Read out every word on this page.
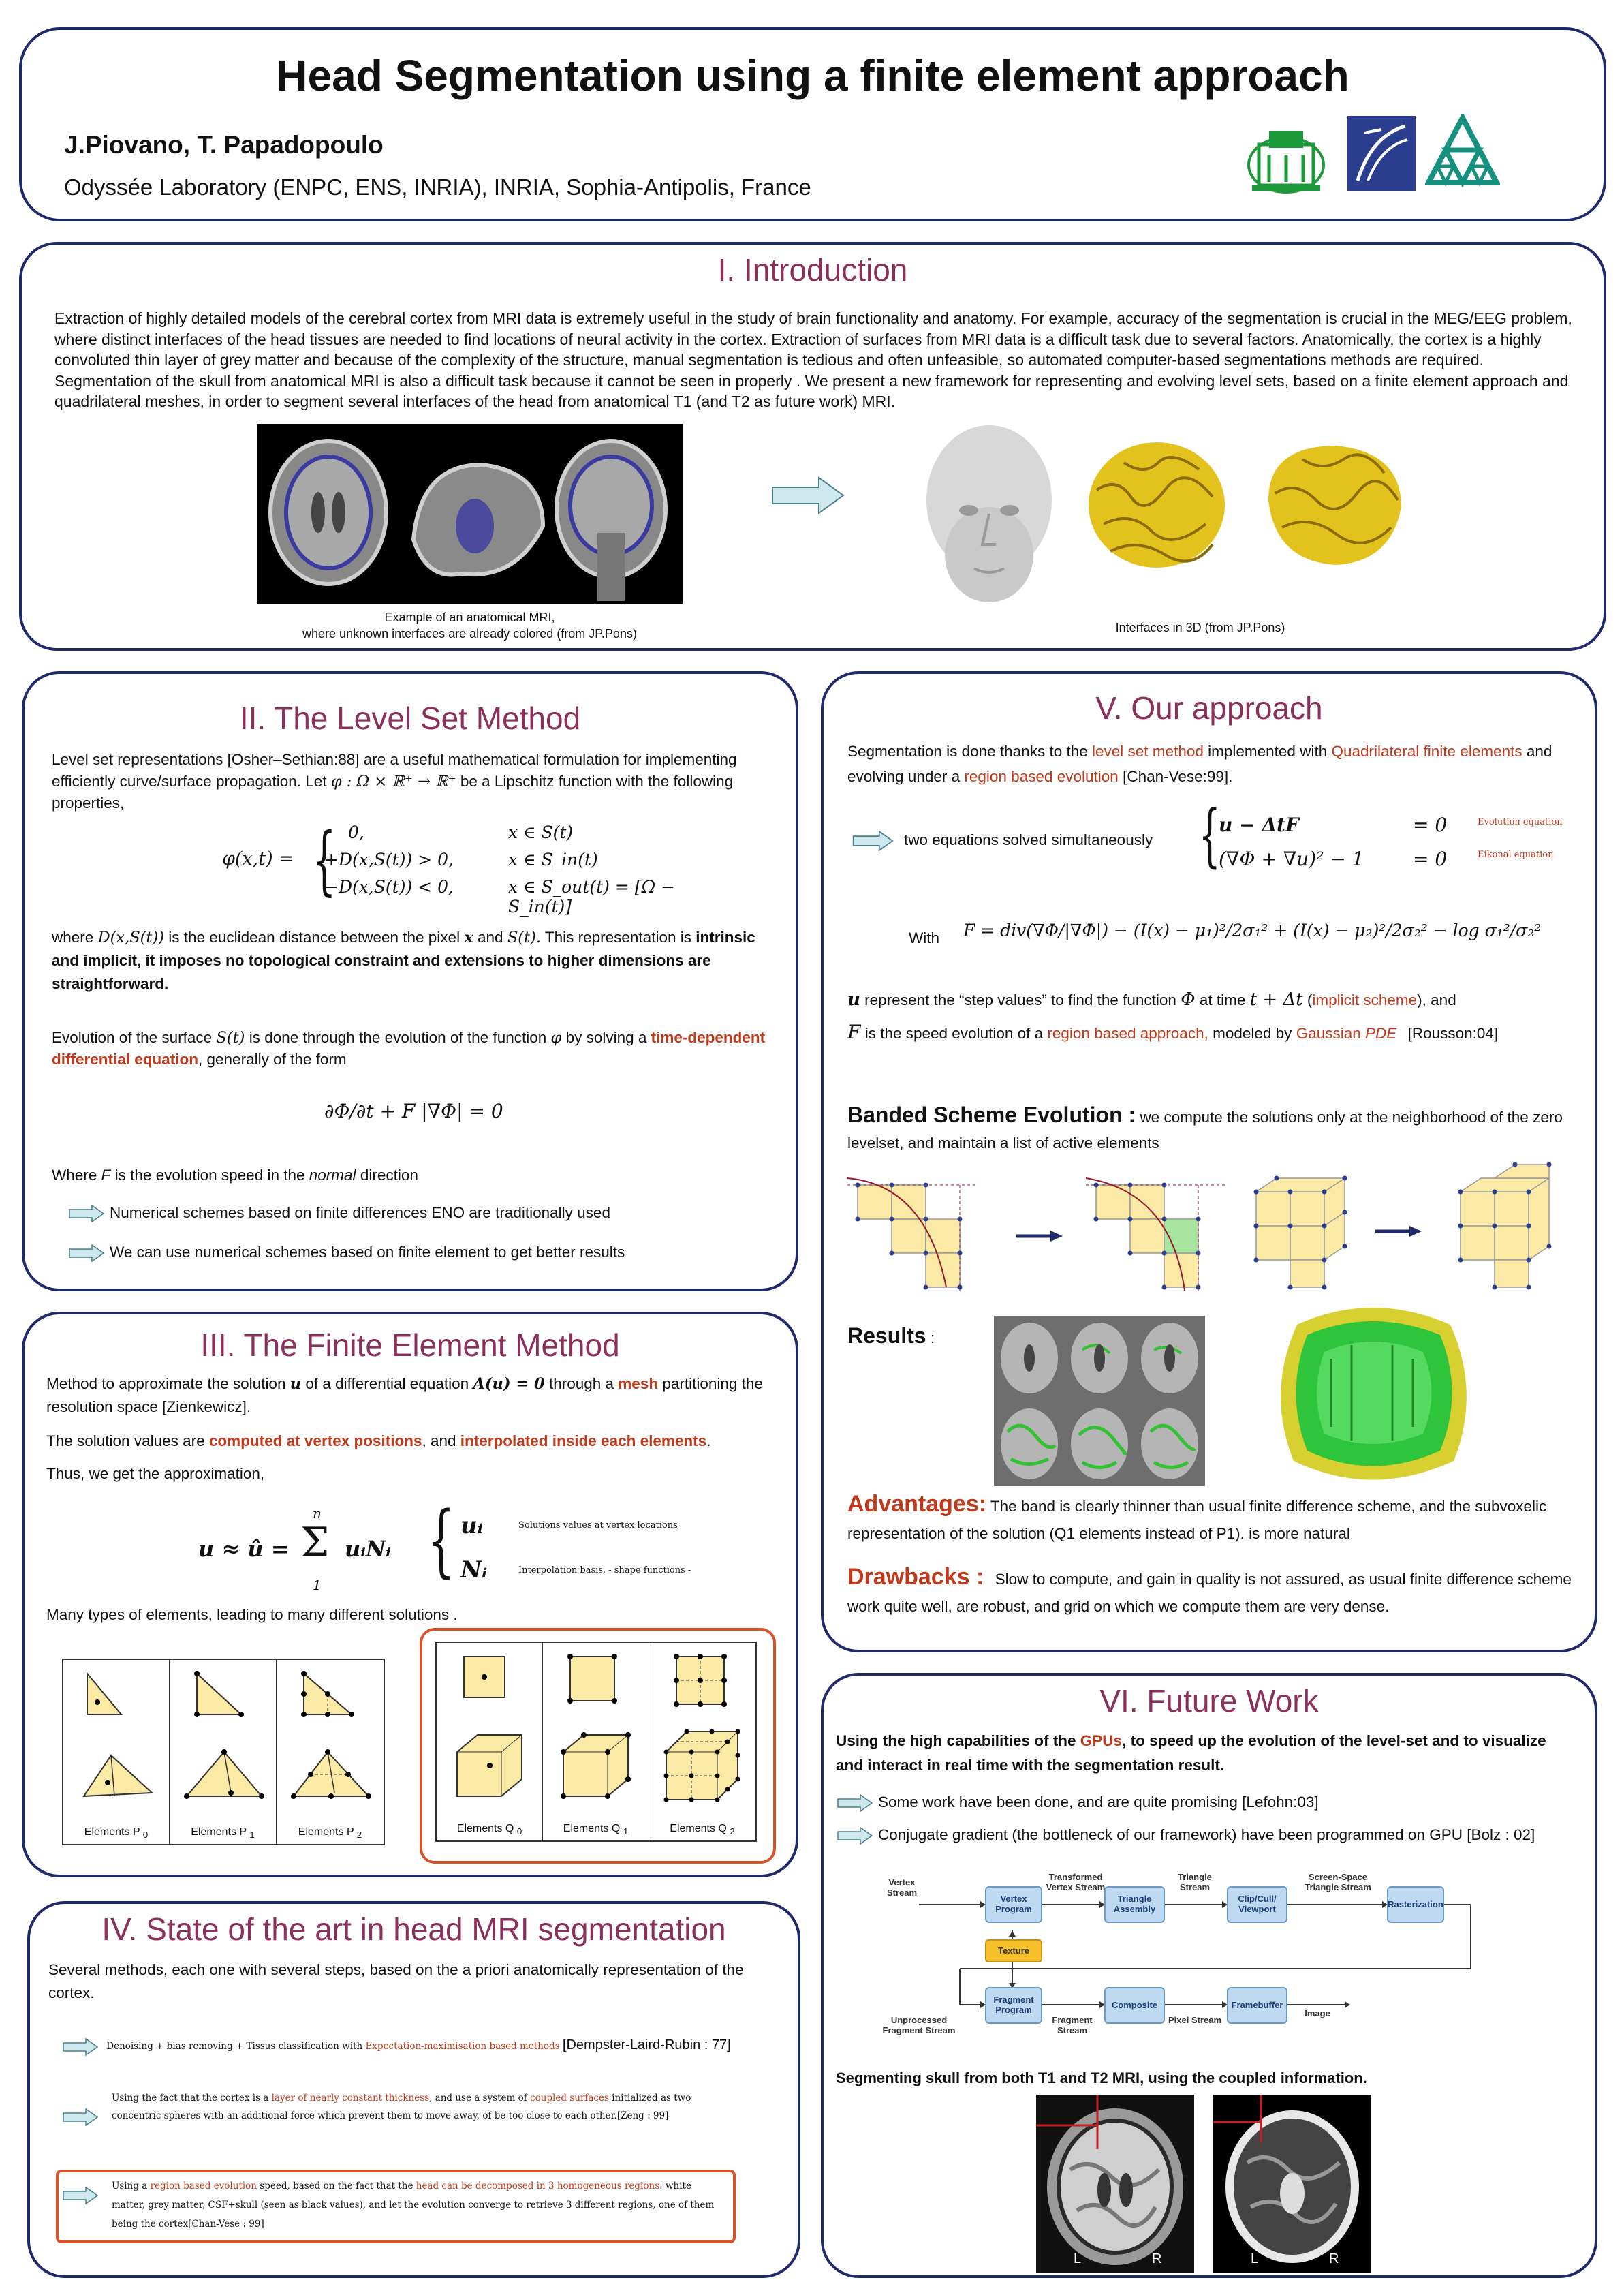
Head Segmentation using a finite element approach
J.Piovano, T. Papadopoulo
Odyssée Laboratory (ENPC, ENS, INRIA), INRIA, Sophia-Antipolis, France
I. Introduction
Extraction of highly detailed models of the cerebral cortex from MRI data is extremely useful in the study of brain functionality and anatomy. For example, accuracy of the segmentation is crucial in the MEG/EEG problem, where distinct interfaces of the head tissues are needed to find locations of neural activity in the cortex. Extraction of surfaces from MRI data is a difficult task due to several factors. Anatomically, the cortex is a highly convoluted thin layer of grey matter and because of the complexity of the structure, manual segmentation is tedious and often unfeasible, so automated computer-based segmentations methods are required. Segmentation of the skull from anatomical MRI is also a difficult task because it cannot be seen in properly . We present a new framework for representing and evolving level sets, based on a finite element approach and quadrilateral meshes, in order to segment several interfaces of the head from anatomical T1 (and T2 as future work) MRI.
Example of an anatomical MRI,
where unknown interfaces are already colored (from JP.Pons)	Interfaces in 3D (from JP.Pons)
II. The Level Set Method
Level set representations [Osher–Sethian:88] are a useful mathematical formulation for implementing efficiently curve/surface propagation. Let φ : Ω × ℝ⁺ → ℝ⁺ be a Lipschitz function with the following properties,
φ(x,t) = { 0,	x ∈ S(t)
+D(x,S(t)) > 0,	x ∈ S_in(t)
−D(x,S(t)) < 0,	x ∈ S_out(t) = [Ω − S_in(t)]
where D(x,S(t)) is the euclidean distance between the pixel x and S(t). This representation is intrinsic and implicit, it imposes no topological constraint and extensions to higher dimensions are straightforward.
Evolution of the surface S(t) is done through the evolution of the function φ by solving a time-dependent differential equation, generally of the form
∂Φ/∂t + F |∇Φ| = 0
Where F is the evolution speed in the normal direction
Numerical schemes based on finite differences ENO are traditionally used
We can use numerical schemes based on finite element to get better results
III. The Finite Element Method
Method to approximate the solution u of a differential equation A(u) = 0 through a mesh partitioning the resolution space [Zienkewicz].
The solution values are computed at vertex positions, and interpolated inside each elements.
Thus, we get the approximation,
u ≈ û =
n
Σ
1
uᵢNᵢ { uᵢ	Solutions values at vertex locations
Nᵢ	Interpolation basis, - shape functions -
Many types of elements, leading to many different solutions .
Elements P $_0$	Elements P $_1$	Elements P $_2$
Elements Q $_0$	Elements Q $_1$	Elements Q $_2$
IV. State of the art in head MRI segmentation
Several methods, each one with several steps, based on the a priori anatomically representation of the cortex.
Denoising + bias removing + Tissus classification with Expectation-maximisation based methods [Dempster-Laird-Rubin : 77]
Using the fact that the cortex is a layer of nearly constant thickness, and use a system of coupled surfaces initialized as two concentric spheres with an additional force which prevent them to move away, of be too close to each other.[Zeng : 99]
Using a region based evolution speed, based on the fact that the head can be decomposed in 3 homogeneous regions: white matter, grey matter, CSF+skull (seen as black values), and let the evolution converge to retrieve 3 different regions, one of them being the cortex[Chan-Vese : 99]
V. Our approach
Segmentation is done thanks to the level set method implemented with Quadrilateral finite elements and evolving under a region based evolution [Chan-Vese:99].
two equations solved simultaneously {
u − ΔtF	= 0	Evolution equation
(∇Φ + ∇u)² − 1	= 0	Eikonal equation
With F = div(∇Φ/|∇Φ|) − (I(x) − μ₁)²/2σ₁² + (I(x) − μ₂)²/2σ₂² − log σ₁²/σ₂²
u represent the “step values” to find the function Φ at time t + Δt (implicit scheme), and
F is the speed evolution of a region based approach, modeled by Gaussian PDE [Rousson:04]
Banded Scheme Evolution : we compute the solutions only at the neighborhood of the zero levelset, and maintain a list of active elements
Results :
Advantages: The band is clearly thinner than usual finite difference scheme, and the subvoxelic representation of the solution (Q1 elements instead of P1). is more natural
Drawbacks : Slow to compute, and gain in quality is not assured, as usual finite difference scheme work quite well, are robust, and grid on which we compute them are very dense.
VI. Future Work
Using the high capabilities of the GPUs, to speed up the evolution of the level-set and to visualize and interact in real time with the segmentation result.
Some work have been done, and are quite promising [Lefohn:03]
Conjugate gradient (the bottleneck of our framework) have been programmed on GPU [Bolz : 02]
Vertex Stream
Vertex Program
Transformed Vertex Stream
Triangle Assembly
Triangle Stream
Clip/Cull/ Viewport
Screen-Space Triangle Stream
Rasterization
Texture
Unprocessed Fragment Stream
Fragment Program
Fragment Stream
Composite
Pixel Stream
Framebuffer
Image
Segmenting skull from both T1 and T2 MRI, using the coupled information.
L	R	L	R
